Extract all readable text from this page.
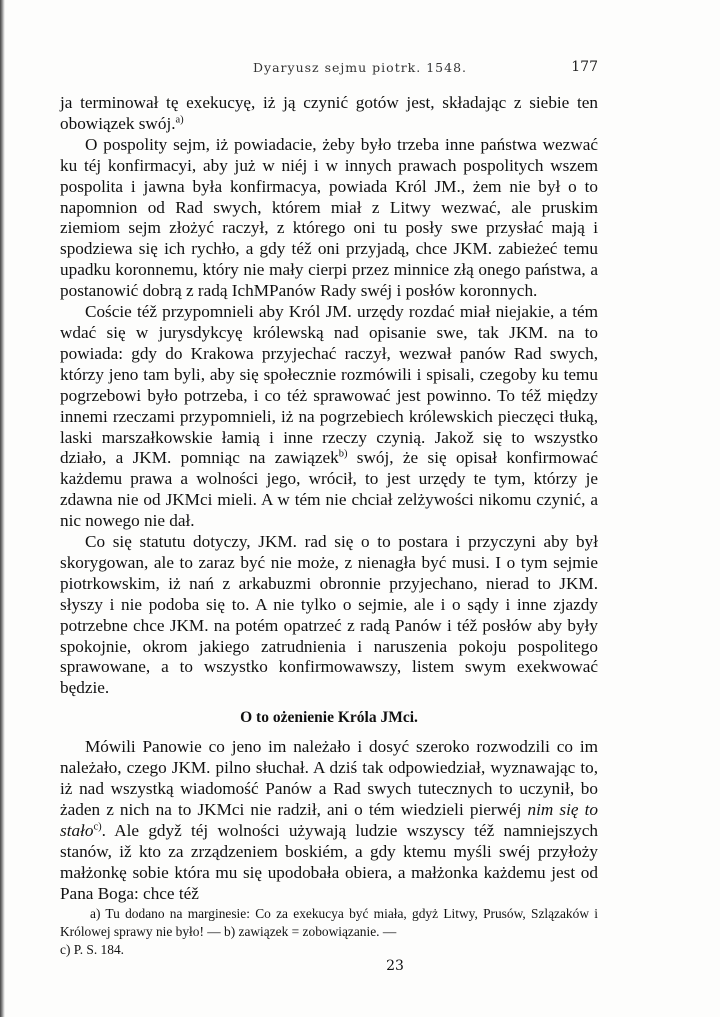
Dyaryusz sejmu piotrk. 1548.	177

ja terminował tę exekucyę, iż ją czynić gotów jest, składając z siebie ten obowiązek swój.$^{a)}$

O pospolity sejm, iż powiadacie, żeby było trzeba inne państwa wezwać ku téj konfirmacyi, aby już w niéj i w innych prawach pospolitych wszem pospolita i jawna była konfirmacya, powiada Król JM., żem nie był o to napomnion od Rad swych, którem miał z Litwy wezwać, ale pruskim ziemiom sejm złożyć raczył, z którego oni tu posły swe przysłać mają i spodziewa się ich rychło, a gdy též oni przyjadą, chce JKM. zabieżeć temu upadku koronnemu, który nie mały cierpi przez minnice złą onego państwa, a postanowić dobrą z radą IchMPanów Rady swéj i posłów koronnych.

Coście též przypomnieli aby Król JM. urzędy rozdać miał niejakie, a tém wdać się w jurysdykcyę królewską nad opisanie swe, tak JKM. na to powiada: gdy do Krakowa przyjechać raczył, wezwał panów Rad swych, którzy jeno tam byli, aby się społecznie rozmówili i spisali, czegoby ku temu pogrzebowi było potrzeba, i co téż sprawować jest powinno. To též między innemi rzeczami przypomnieli, iż na pogrzebiech królewskich pieczęci tłuką, laski marszałkowskie łamią i inne rzeczy czynią. Jakož się to wszystko działo, a JKM. pomniąc na zawiązek$^{b)}$ swój, że się opisał konfirmować każdemu prawa a wolności jego, wrócił, to jest urzędy te tym, którzy je zdawna nie od JKMci mieli. A w tém nie chciał zelżywości nikomu czynić, a nic nowego nie dał.

Co się statutu dotyczy, JKM. rad się o to postara i przyczyni aby był skorygowan, ale to zaraz być nie może, z nienagła być musi. I o tym sejmie piotrkowskim, iż nań z arkabuzmi obronnie przyjechano, nierad to JKM. słyszy i nie podoba się to. A nie tylko o sejmie, ale i o sądy i inne zjazdy potrzebne chce JKM. na potém opatrzeć z radą Panów i též posłów aby były spokojnie, okrom jakiego zatrudnienia i naruszenia pokoju pospolitego sprawowane, a to wszystko konfirmowawszy, listem swym exekwować będzie.

O to ożenienie Króla JMci.

Mówili Panowie co jeno im należało i dosyć szeroko rozwodzili co im należało, czego JKM. pilno słuchał. A dziś tak odpowiedział, wyznawając to, iż nad wszystką wiadomość Panów a Rad swych tutecznych to uczynił, bo żaden z nich na to JKMci nie radził, ani o tém wiedzieli pierwéj nim się to stało$^{c)}$. Ale gdyž téj wolności używają ludzie wszyscy též namniejszych stanów, iž kto za zrządzeniem boskiém, a gdy ktemu myśli swéj przyłoży małżonkę sobie która mu się upodobała obiera, a małżonka każdemu jest od Pana Boga: chce též

a) Tu dodano na marginesie: Co za exekucya być miała, gdyż Litwy, Prusów, Szlązaków i Królowej sprawy nie było! — b) zawiązek = zobowiązanie. —

c) P. S. 184.

23
